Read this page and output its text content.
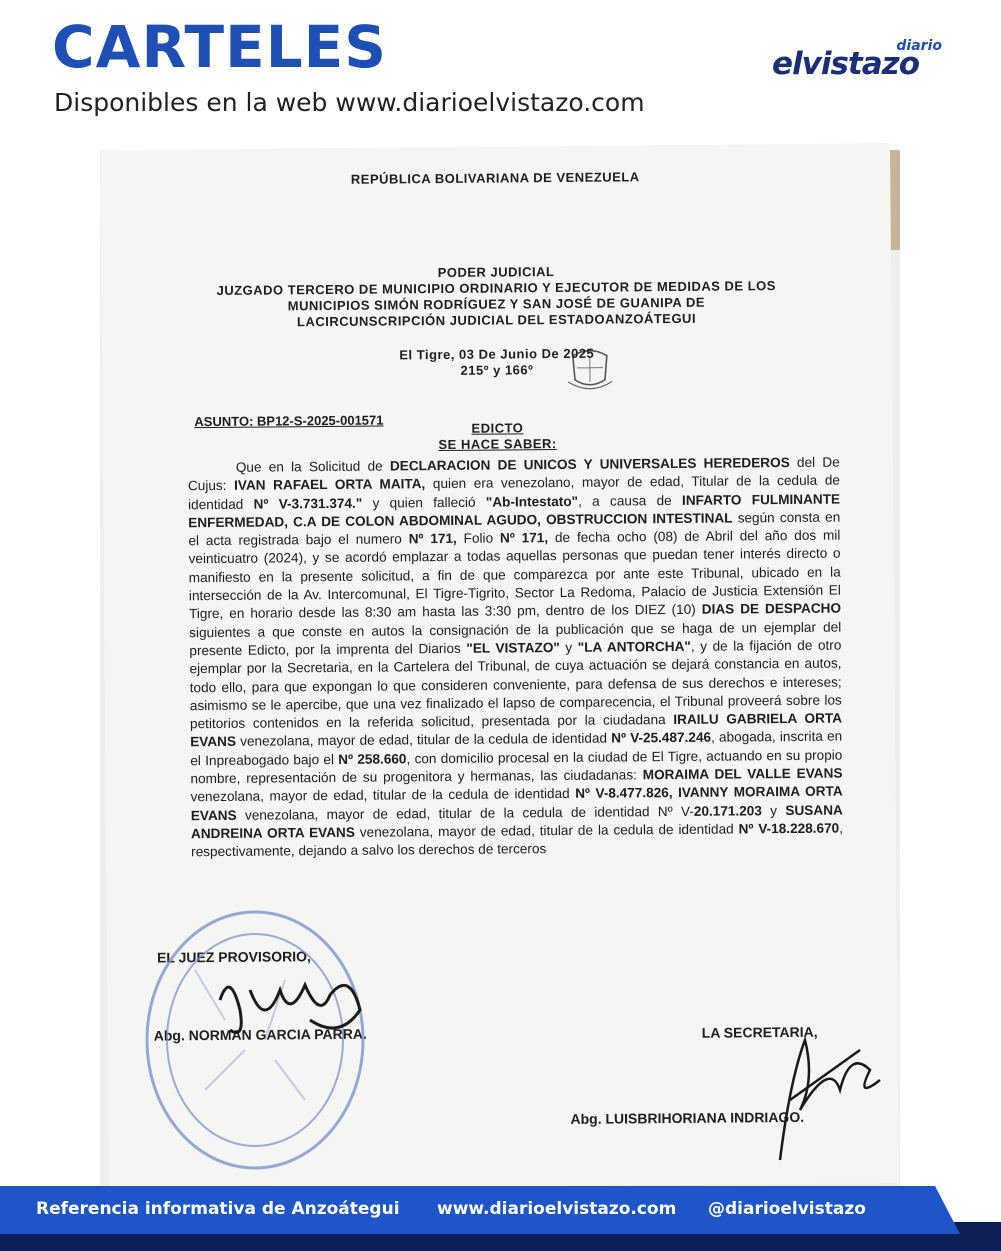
CARTELES
Disponibles en la web www.diarioelvistazo.com
diario
elvistazo
REPÚBLICA BOLIVARIANA DE VENEZUELA
PODER JUDICIAL
JUZGADO TERCERO DE MUNICIPIO ORDINARIO Y EJECUTOR DE MEDIDAS DE LOS
MUNICIPIOS SIMÓN RODRÍGUEZ Y SAN JOSÉ DE GUANIPA DE
LACIRCUNSCRIPCIÓN JUDICIAL DEL ESTADOANZOÁTEGUI
El Tigre, 03 De Junio De 2025
215º y 166º
ASUNTO: BP12-S-2025-001571	EDICTO
SE HACE SABER:
Que en la Solicitud de DECLARACION DE UNICOS Y UNIVERSALES HEREDEROS del De Cujus: IVAN RAFAEL ORTA MAITA, quien era venezolano, mayor de edad, Titular de la cedula de identidad Nº V-3.731.374." y quien falleció "Ab-Intestato", a causa de INFARTO FULMINANTE ENFERMEDAD, C.A DE COLON ABDOMINAL AGUDO, OBSTRUCCION INTESTINAL según consta en el acta registrada bajo el numero Nº 171, Folio Nº 171, de fecha ocho (08) de Abril del año dos mil veinticuatro (2024), y se acordó emplazar a todas aquellas personas que puedan tener interés directo o manifiesto en la presente solicitud, a fin de que comparezca por ante este Tribunal, ubicado en la intersección de la Av. Intercomunal, El Tigre-Tigrito, Sector La Redoma, Palacio de Justicia Extensión El Tigre, en horario desde las 8:30 am hasta las 3:30 pm, dentro de los DIEZ (10) DIAS DE DESPACHO siguientes a que conste en autos la consignación de la publicación que se haga de un ejemplar del presente Edicto, por la imprenta del Diarios "EL VISTAZO" y "LA ANTORCHA", y de la fijación de otro ejemplar por la Secretaria, en la Cartelera del Tribunal, de cuya actuación se dejará constancia en autos, todo ello, para que expongan lo que consideren conveniente, para defensa de sus derechos e intereses; asimismo se le apercibe, que una vez finalizado el lapso de comparecencia, el Tribunal proveerá sobre los petitorios contenidos en la referida solicitud, presentada por la ciudadana IRAILU GABRIELA ORTA EVANS venezolana, mayor de edad, titular de la cedula de identidad Nº V-25.487.246, abogada, inscrita en el Inpreabogado bajo el Nº 258.660, con domicilio procesal en la ciudad de El Tigre, actuando en su propio nombre, representación de su progenitora y hermanas, las ciudadanas: MORAIMA DEL VALLE EVANS venezolana, mayor de edad, titular de la cedula de identidad Nº V-8.477.826, IVANNY MORAIMA ORTA EVANS venezolana, mayor de edad, titular de la cedula de identidad Nº V-20.171.203 y SUSANA ANDREINA ORTA EVANS venezolana, mayor de edad, titular de la cedula de identidad Nº V-18.228.670, respectivamente, dejando a salvo los derechos de terceros
EL JUEZ PROVISORIO,
Abg. NORMAN GARCIA PARRA.	LA SECRETARIA,
Abg. LUISBRIHORIANA INDRIAGO.
Referencia informativa de Anzoátegui www.diarioelvistazo.com @diarioelvistazo
